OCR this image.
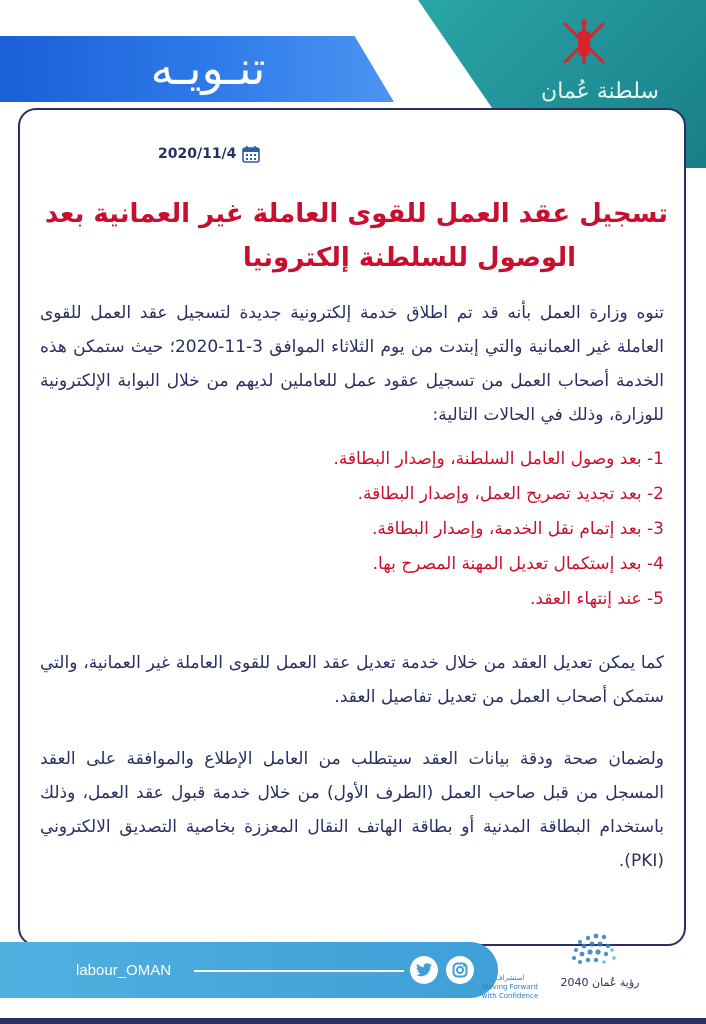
سلطنة عُمان
تنـويـه
2020/11/4
تسجيل عقد العمل للقوى العاملة غير العمانية بعد
الوصول للسلطنة إلكترونيا
تنوه وزارة العمل بأنه قد تم اطلاق خدمة إلكترونية جديدة لتسجيل عقد العمل للقوى العاملة غير العمانية والتي إبتدت من يوم الثلاثاء الموافق 3-11-2020؛ حيث ستمكن هذه الخدمة أصحاب العمل من تسجيل عقود عمل للعاملين لديهم من خلال البوابة الإلكترونية للوزارة، وذلك في الحالات التالية:
1- بعد وصول العامل السلطنة، وإصدار البطاقة.
2- بعد تجديد تصريح العمل، وإصدار البطاقة.
3- بعد إتمام نقل الخدمة، وإصدار البطاقة.
4- بعد إستكمال تعديل المهنة المصرح بها.
5- عند إنتهاء العقد.
كما يمكن تعديل العقد من خلال خدمة تعديل عقد العمل للقوى العاملة غير العمانية، والتي ستمكن أصحاب العمل من تعديل تفاصيل العقد.
ولضمان صحة ودقة بيانات العقد سيتطلب من العامل الإطلاع والموافقة على العقد المسجل من قبل صاحب العمل (الطرف الأول) من خلال خدمة قبول عقد العمل، وذلك باستخدام البطاقة المدنية أو بطاقة الهاتف النقال المعززة بخاصية التصديق الالكتروني (PKI).
labour_OMAN	استشراف
Moving Forward with Confidence
رؤية عُمان 2040
